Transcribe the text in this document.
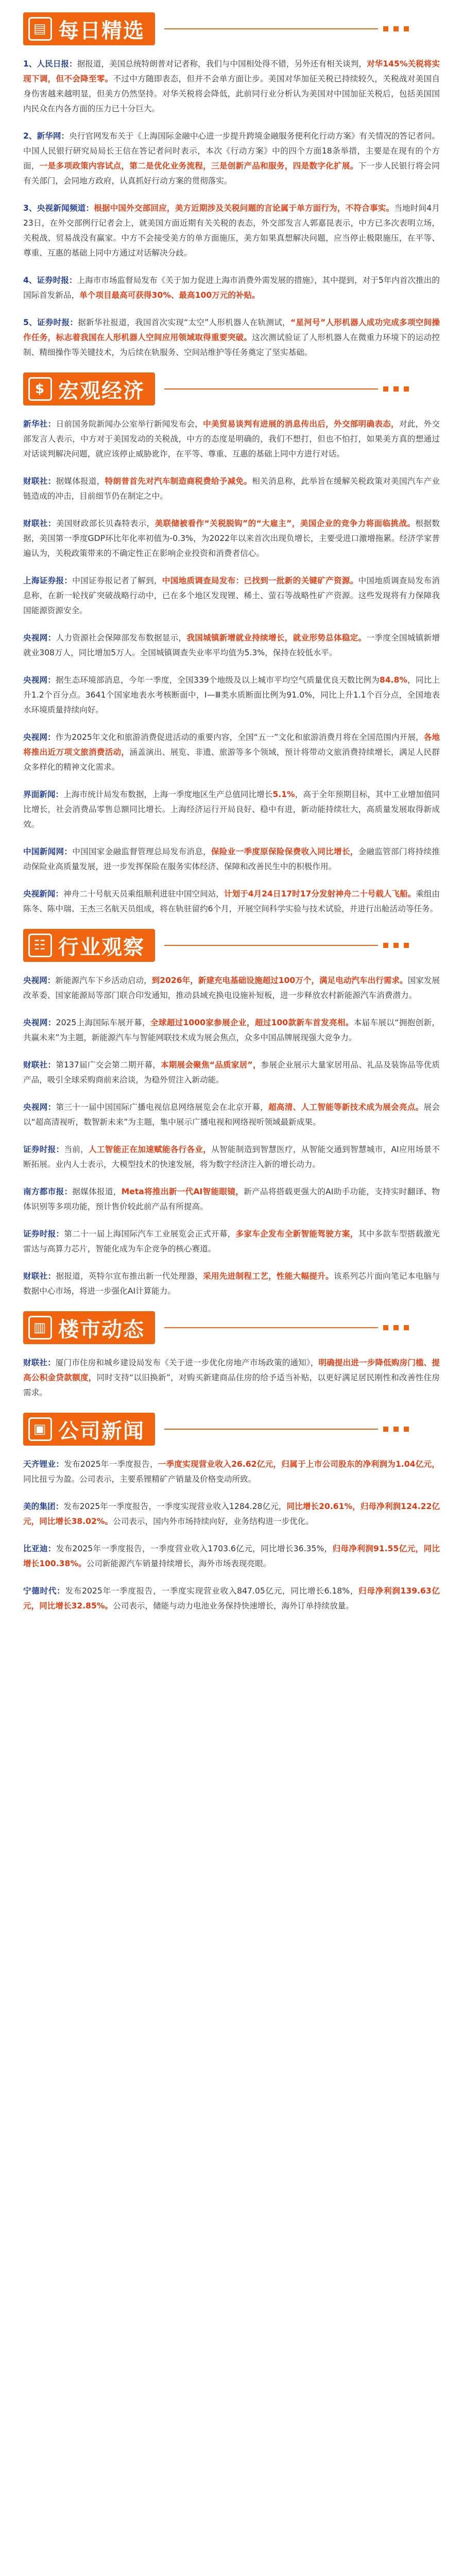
▤ 每日精选

1、人民日报：据报道，美国总统特朗普对记者称，我们与中国相处得不错，另外还有相关谈判，对华145%关税将实现下调，但不会降至零。不过中方随即表态，但并不会单方面让步。美国对华加征关税已持续较久，关税战对美国自身伤害越来越明显，但美方仍然坚持。对华关税将会降低，此前同行业分析认为美国对中国加征关税后，包括美国国内民众在内各方面的压力已十分巨大。

2、新华网：央行官网发布关于《上海国际金融中心进一步提升跨境金融服务便利化行动方案》有关情况的答记者问。中国人民银行研究局局长王信在答记者问时表示，本次《行动方案》中的四个方面18条举措，主要是在现有的个方面，一是多项政策内容试点，第二是优化业务流程，三是创新产品和服务，四是数字化扩展。下一步人民银行将会同有关部门，会同地方政府，认真抓好行动方案的贯彻落实。

3、央视新闻频道：根据中国外交部回应，美方近期涉及关税问题的言论属于单方面行为，不符合事实。当地时间4月23日，在外交部例行记者会上，就美国方面近期有关关税的表态，外交部发言人郭嘉昆表示，中方已多次表明立场，关税战、贸易战没有赢家。中方不会接受美方的单方面施压，美方如果真想解决问题，应当停止极限施压，在平等、尊重、互惠的基础上同中方通过对话解决分歧。

4、证券时报：上海市市场监督局发布《关于加力促进上海市消费外需发展的措施》，其中提到，对于5年内首次推出的国际首发新品，单个项目最高可获得30%、最高100万元的补贴。

5、证券时报：据新华社报道，我国首次实现“太空”人形机器人在轨测试，“星河号”人形机器人成功完成多项空间操作任务，标志着我国在人形机器人空间应用领域取得重要突破。这次测试验证了人形机器人在微重力环境下的运动控制、精细操作等关键技术，为后续在轨服务、空间站维护等任务奠定了坚实基础。

$ 宏观经济

新华社：日前国务院新闻办公室举行新闻发布会，中美贸易谈判有进展的消息传出后，外交部明确表态，对此，外交部发言人表示，中方对于美国发动的关税战，中方的态度是明确的，我们不想打，但也不怕打，如果美方真的想通过对话谈判解决问题，就应该停止威胁讹诈，在平等、尊重、互惠的基础上同中方进行对话。

财联社：据媒体报道，特朗普首先对汽车制造商税费给予减免。相关消息称，此举旨在缓解关税政策对美国汽车产业链造成的冲击，目前细节仍在制定之中。

财联社：美国财政部长贝森特表示，美联储被看作“关税脱钩”的“大雇主”，美国企业的竞争力将面临挑战。根据数据，美国第一季度GDP环比年化率初值为-0.3%，为2022年以来首次出现负增长，主要受进口激增拖累。经济学家普遍认为，关税政策带来的不确定性正在影响企业投资和消费者信心。

上海证券报：中国证券报记者了解到，中国地质调查局发布：已找到一批新的关键矿产资源。中国地质调查局发布消息称，在新一轮找矿突破战略行动中，已在多个地区发现锂、稀土、萤石等战略性矿产资源。这些发现将有力保障我国能源资源安全。

央视网：人力资源社会保障部发布数据显示，我国城镇新增就业持续增长，就业形势总体稳定。一季度全国城镇新增就业308万人，同比增加5万人。全国城镇调查失业率平均值为5.3%，保持在较低水平。

央视网：据生态环境部消息，今年一季度，全国339个地级及以上城市平均空气质量优良天数比例为84.8%，同比上升1.2个百分点。3641个国家地表水考核断面中，Ⅰ—Ⅲ类水质断面比例为91.0%，同比上升1.1个百分点，全国地表水环境质量持续向好。

央视网：作为2025年文化和旅游消费促进活动的重要内容，全国“五一”文化和旅游消费月将在全国范围内开展，各地将推出近万项文旅消费活动，涵盖演出、展览、非遗、旅游等多个领域，预计将带动文旅消费持续增长，满足人民群众多样化的精神文化需求。

界面新闻：上海市统计局发布数据，上海一季度地区生产总值同比增长5.1%，高于全年预期目标，其中工业增加值同比增长，社会消费品零售总额同比增长。上海经济运行开局良好、稳中有进，新动能持续壮大，高质量发展取得新成效。

中国新闻网：中国国家金融监督管理总局发布消息，保险业一季度原保险保费收入同比增长，金融监管部门将持续推动保险业高质量发展，进一步发挥保险在服务实体经济、保障和改善民生中的积极作用。

央视新闻：神舟二十号航天员乘组顺利进驻中国空间站，计划于4月24日17时17分发射神舟二十号载人飞船。乘组由陈冬、陈中瑞、王杰三名航天员组成，将在轨驻留约6个月，开展空间科学实验与技术试验，并进行出舱活动等任务。

☷ 行业观察

央视网：新能源汽车下乡活动启动，到2026年，新建充电基础设施超过100万个，满足电动汽车出行需求。国家发展改革委、国家能源局等部门联合印发通知，推动县域充换电设施补短板，进一步释放农村新能源汽车消费潜力。

央视网：2025上海国际车展开幕，全球超过1000家参展企业，超过100款新车首发亮相。本届车展以“拥抱创新，共赢未来”为主题，新能源汽车与智能网联技术成为展会焦点，众多中国品牌展现强大竞争力。

财联社：第137届广交会第二期开幕，本期展会聚焦“品质家居”，参展企业展示大量家居用品、礼品及装饰品等优质产品，吸引全球采购商前来洽谈，为稳外贸注入新动能。

央视网：第三十一届中国国际广播电视信息网络展览会在北京开幕，超高清、人工智能等新技术成为展会亮点。展会以“超高清视听，数智新未来”为主题，集中展示广播电视和网络视听领域最新成果。

证券时报：当前，人工智能正在加速赋能各行各业，从智能制造到智慧医疗，从智能交通到智慧城市，AI应用场景不断拓展。业内人士表示，大模型技术的快速发展，将为数字经济注入新的增长动力。

南方都市报：据媒体报道，Meta将推出新一代AI智能眼镜，新产品将搭载更强大的AI助手功能，支持实时翻译、物体识别等多项功能，预计售价较此前产品有所提高。

证券时报：第二十一届上海国际汽车工业展览会正式开幕，多家车企发布全新智能驾驶方案，其中多款车型搭载激光雷达与高算力芯片，智能化成为车企竞争的核心赛道。

财联社：据报道，英特尔宣布推出新一代处理器，采用先进制程工艺，性能大幅提升。该系列芯片面向笔记本电脑与数据中心市场，将进一步强化AI计算能力。

▥ 楼市动态

财联社：厦门市住房和城乡建设局发布《关于进一步优化房地产市场政策的通知》，明确提出进一步降低购房门槛、提高公积金贷款额度，同时支持“以旧换新”，对购买新建商品住房的给予适当补贴，以更好满足居民刚性和改善性住房需求。

▣ 公司新闻

天齐锂业：发布2025年一季度报告，一季度实现营业收入26.62亿元，归属于上市公司股东的净利润为1.04亿元，同比扭亏为盈。公司表示，主要系锂精矿产销量及价格变动所致。

美的集团：发布2025年一季度报告，一季度实现营业收入1284.28亿元，同比增长20.61%，归母净利润124.22亿元，同比增长38.02%。公司表示，国内外市场持续向好，业务结构进一步优化。

比亚迪：发布2025年一季度报告，一季度营业收入1703.6亿元，同比增长36.35%，归母净利润91.55亿元，同比增长100.38%。公司新能源汽车销量持续增长，海外市场表现亮眼。

宁德时代：发布2025年一季度报告，一季度实现营业收入847.05亿元，同比增长6.18%，归母净利润139.63亿元，同比增长32.85%。公司表示，储能与动力电池业务保持快速增长，海外订单持续放量。
